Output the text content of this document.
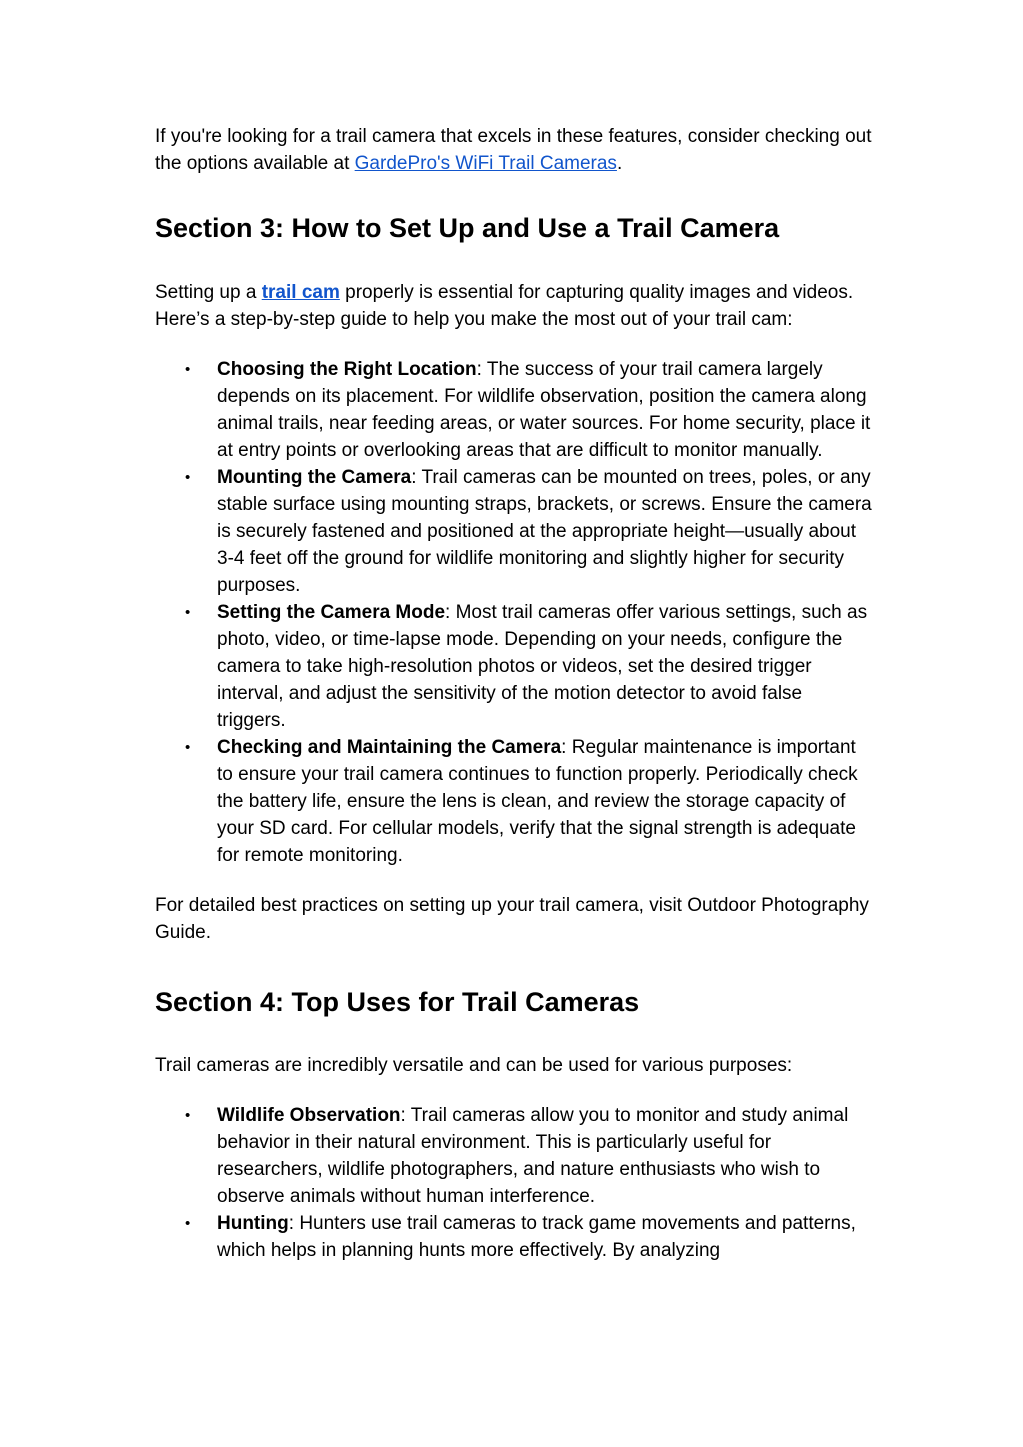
If you're looking for a trail camera that excels in these features, consider checking out the options available at GardePro's WiFi Trail Cameras.

Section 3: How to Set Up and Use a Trail Camera

Setting up a trail cam properly is essential for capturing quality images and videos. Here’s a step-by-step guide to help you make the most out of your trail cam:

• Choosing the Right Location: The success of your trail camera largely depends on its placement. For wildlife observation, position the camera along animal trails, near feeding areas, or water sources. For home security, place it at entry points or overlooking areas that are difficult to monitor manually.
• Mounting the Camera: Trail cameras can be mounted on trees, poles, or any stable surface using mounting straps, brackets, or screws. Ensure the camera is securely fastened and positioned at the appropriate height—usually about 3-4 feet off the ground for wildlife monitoring and slightly higher for security purposes.
• Setting the Camera Mode: Most trail cameras offer various settings, such as photo, video, or time-lapse mode. Depending on your needs, configure the camera to take high-resolution photos or videos, set the desired trigger interval, and adjust the sensitivity of the motion detector to avoid false triggers.
• Checking and Maintaining the Camera: Regular maintenance is important to ensure your trail camera continues to function properly. Periodically check the battery life, ensure the lens is clean, and review the storage capacity of your SD card. For cellular models, verify that the signal strength is adequate for remote monitoring.

For detailed best practices on setting up your trail camera, visit Outdoor Photography Guide.

Section 4: Top Uses for Trail Cameras

Trail cameras are incredibly versatile and can be used for various purposes:

• Wildlife Observation: Trail cameras allow you to monitor and study animal behavior in their natural environment. This is particularly useful for researchers, wildlife photographers, and nature enthusiasts who wish to observe animals without human interference.
• Hunting: Hunters use trail cameras to track game movements and patterns, which helps in planning hunts more effectively. By analyzing
